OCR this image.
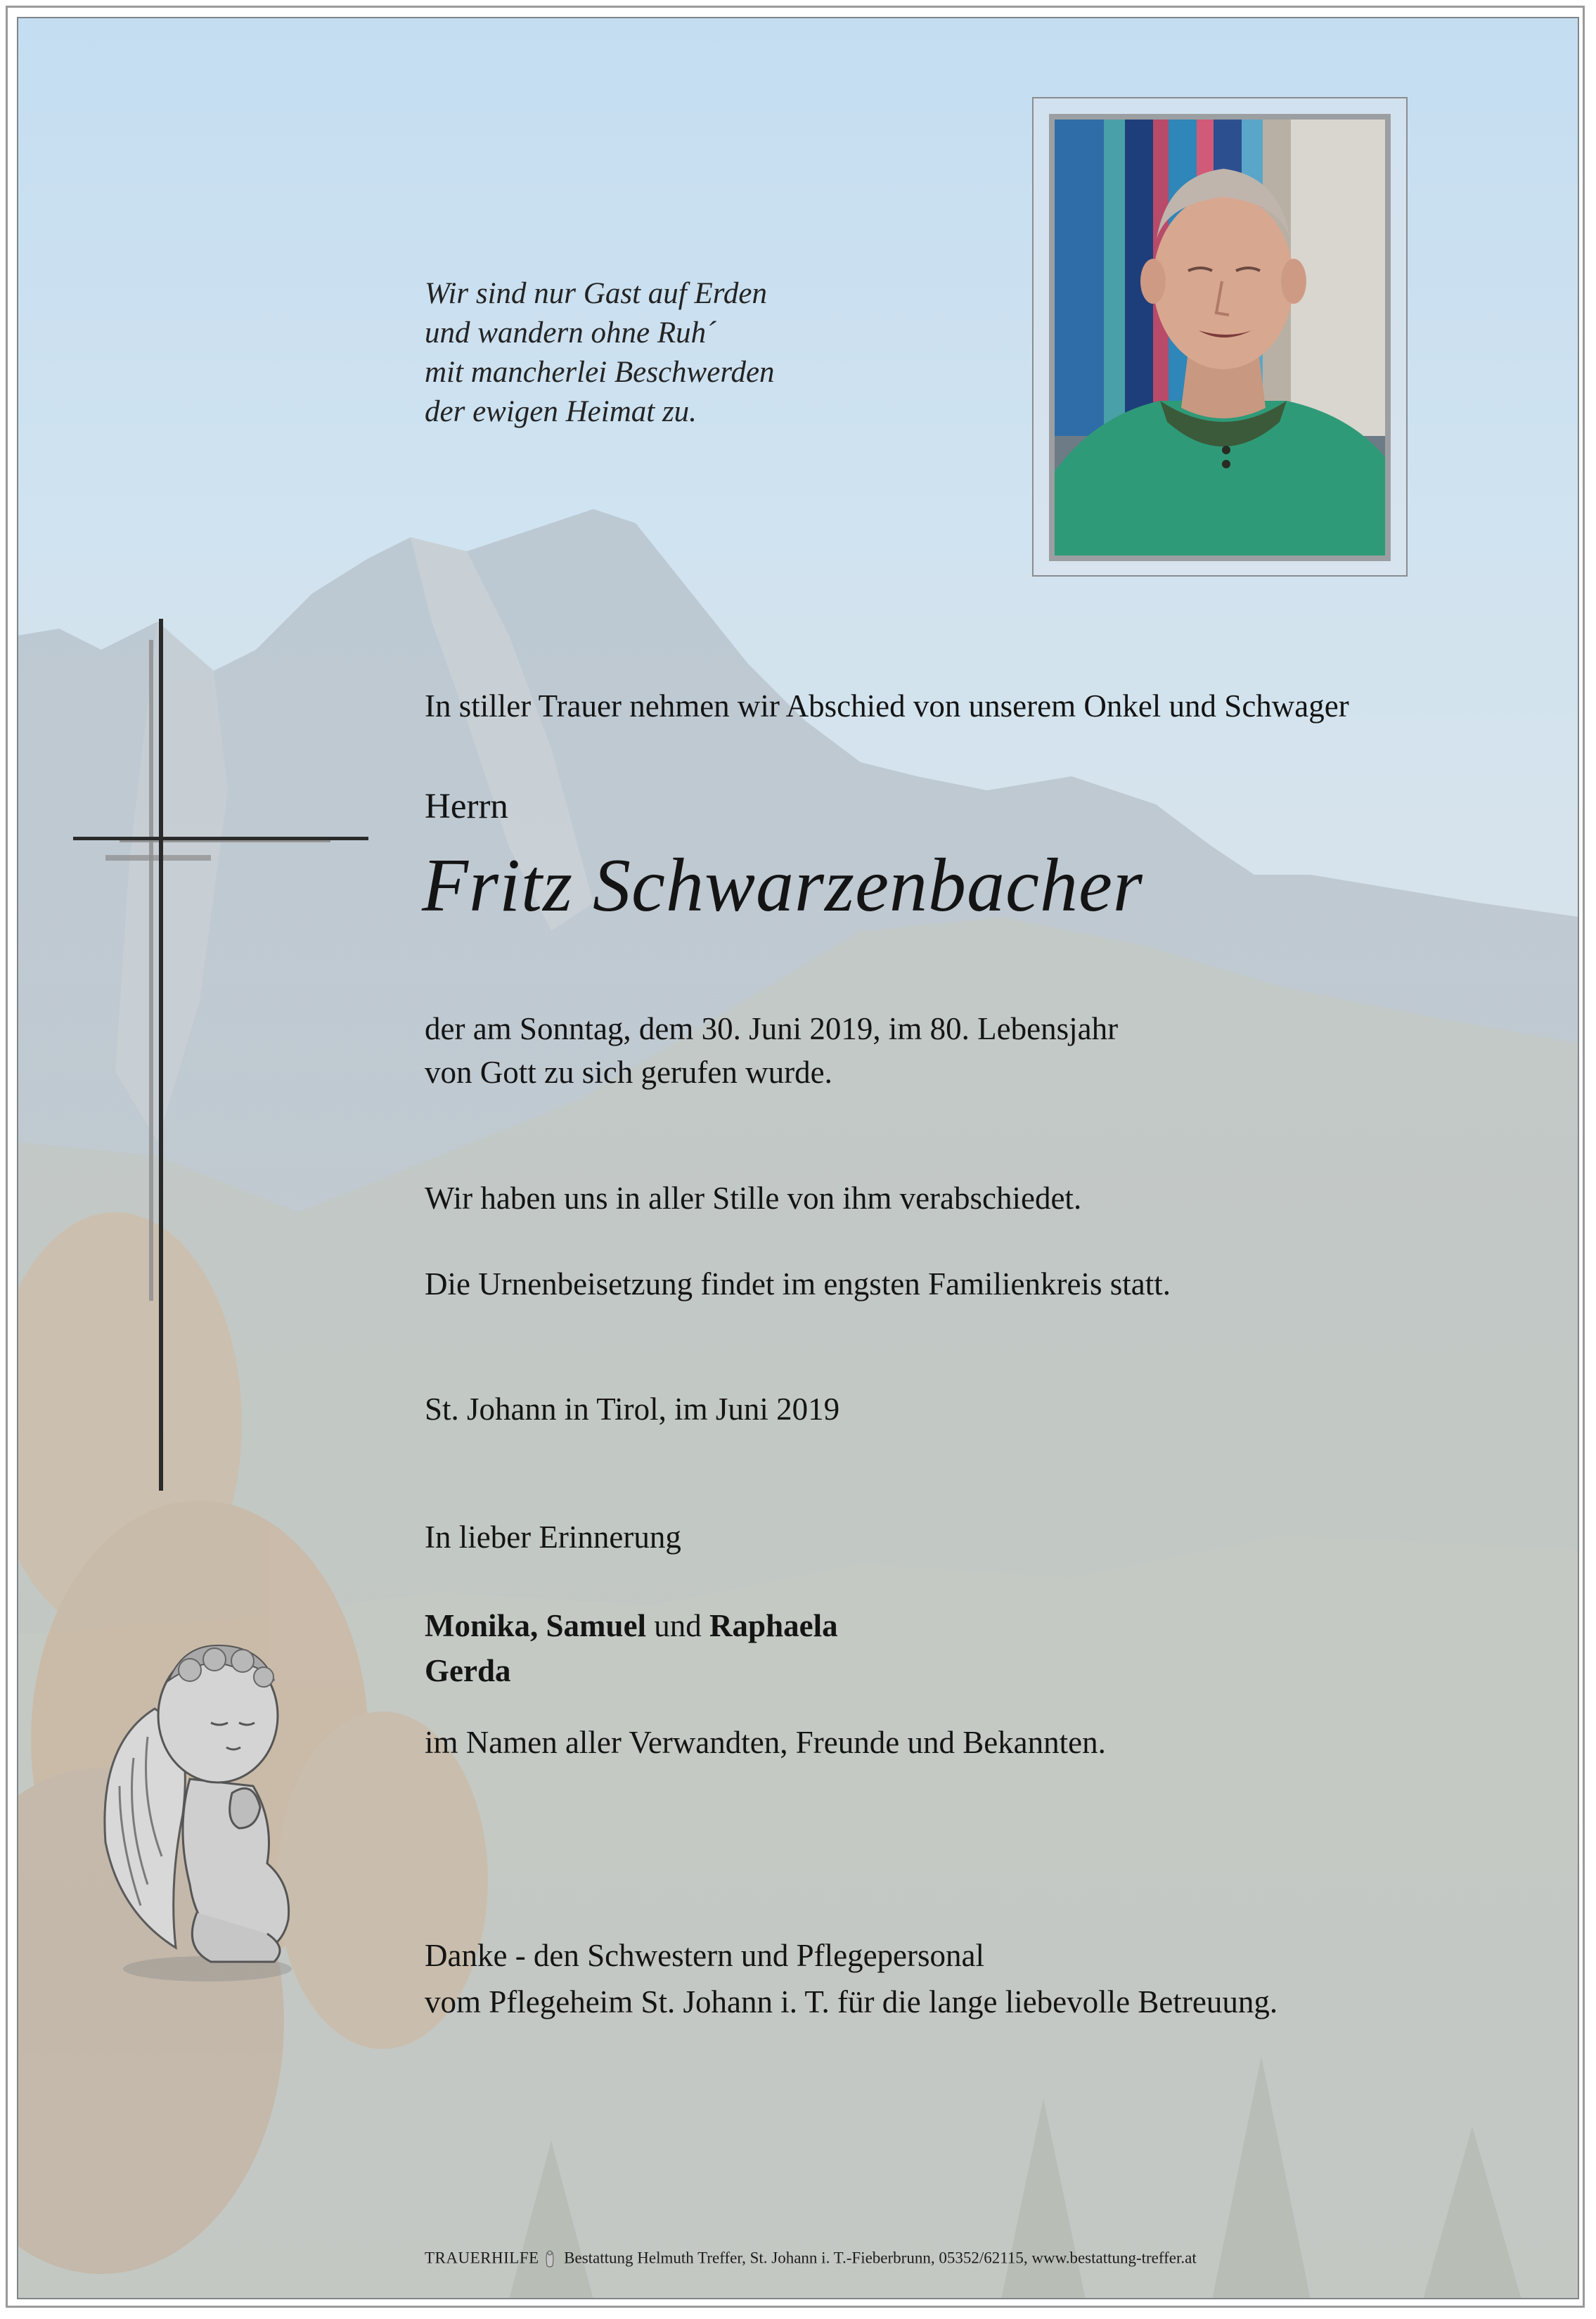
Wir sind nur Gast auf Erden
und wandern ohne Ruh´
mit mancherlei Beschwerden
der ewigen Heimat zu.
In stiller Trauer nehmen wir Abschied von unserem Onkel und Schwager
Herrn
Fritz Schwarzenbacher
der am Sonntag, dem 30. Juni 2019, im 80. Lebensjahr
von Gott zu sich gerufen wurde.
Wir haben uns in aller Stille von ihm verabschiedet.
Die Urnenbeisetzung findet im engsten Familienkreis statt.
St. Johann in Tirol, im Juni 2019
In lieber Erinnerung
Monika, Samuel und Raphaela
Gerda
im Namen aller Verwandten, Freunde und Bekannten.
Danke - den Schwestern und Pflegepersonal
vom Pflegeheim St. Johann i. T. für die lange liebevolle Betreuung.
TRAUERHILFE Bestattung Helmuth Treffer, St. Johann i. T.-Fieberbrunn, 05352/62115, www.bestattung-treffer.at
